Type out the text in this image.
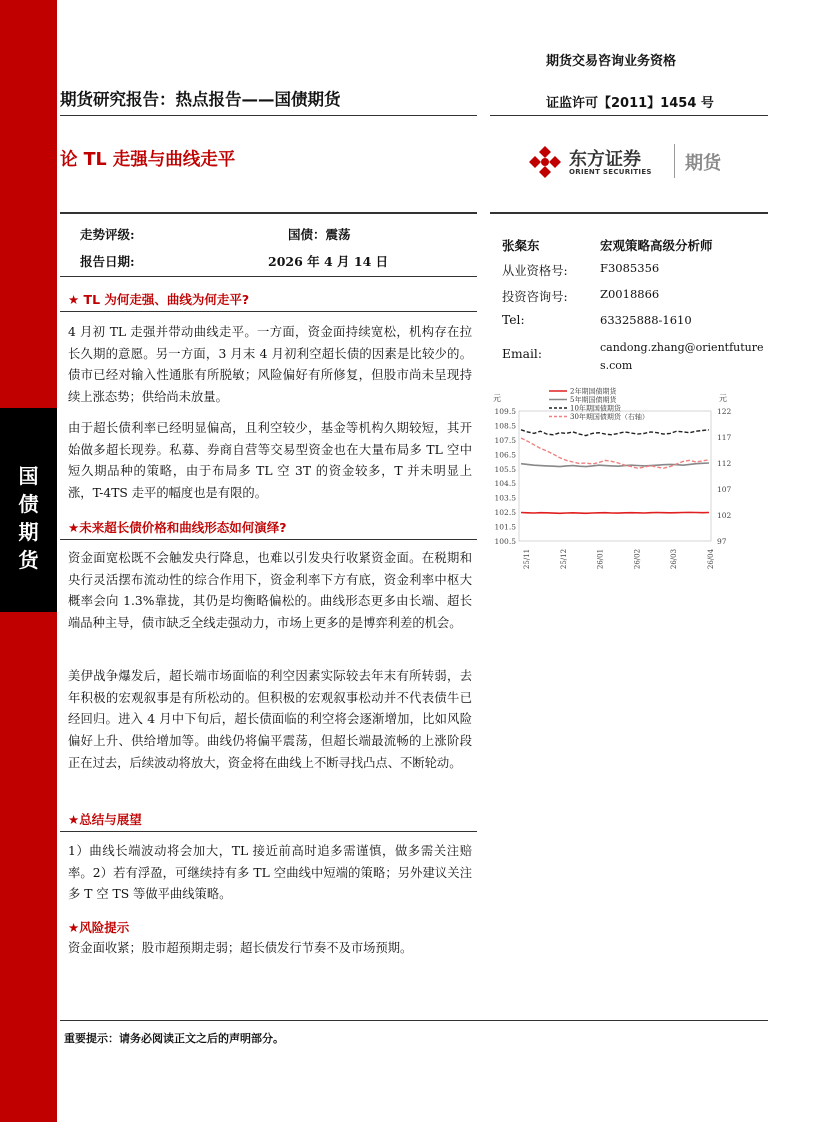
国债期货
期货交易咨询业务资格
期货研究报告：热点报告——国债期货	证监许可【2011】1454 号
论 TL 走强与曲线走平	东方证券
ORIENT SECURITIES 期货
走势评级:	国债：震荡
报告日期:	2026 年 4 月 14 日
张粲东	宏观策略高级分析师
从业资格号:	F3085356
投资咨询号:	Z0018866
Tel:	63325888-1610
Email:	candong.zhang@orientfutures.com
元	元
109.5
108.5
107.5
106.5
105.5
104.5
103.5
102.5
101.5
100.5
122
117
112
107
102
97
25/11	25/12	26/01	26/02	26/03	26/04
2年期国债期货
5年期国债期货
10年期国债期货
30年期国债期货（右轴）
★ TL 为何走强、曲线为何走平?
4 月初 TL 走强并带动曲线走平。一方面，资金面持续宽松，机构存在拉长久期的意愿。另一方面，3 月末 4 月初利空超长债的因素是比较少的。债市已经对输入性通胀有所脱敏；风险偏好有所修复，但股市尚未呈现持续上涨态势；供给尚未放量。
由于超长债利率已经明显偏高，且利空较少，基金等机构久期较短，其开始做多超长现券。私募、券商自营等交易型资金也在大量布局多 TL 空中短久期品种的策略，由于布局多 TL 空 3T 的资金较多，T 并未明显上涨，T-4TS 走平的幅度也是有限的。
★未来超长债价格和曲线形态如何演绎?
资金面宽松既不会触发央行降息，也难以引发央行收紧资金面。在税期和央行灵活摆布流动性的综合作用下，资金利率下方有底，资金利率中枢大概率会向 1.3%靠拢，其仍是均衡略偏松的。曲线形态更多由长端、超长端品种主导，债市缺乏全线走强动力，市场上更多的是博弈利差的机会。
美伊战争爆发后，超长端市场面临的利空因素实际较去年末有所转弱，去年积极的宏观叙事是有所松动的。但积极的宏观叙事松动并不代表债牛已经回归。进入 4 月中下旬后，超长债面临的利空将会逐渐增加，比如风险偏好上升、供给增加等。曲线仍将偏平震荡，但超长端最流畅的上涨阶段正在过去，后续波动将放大，资金将在曲线上不断寻找凸点、不断轮动。
★总结与展望
1）曲线长端波动将会加大，TL 接近前高时追多需谨慎，做多需关注赔率。2）若有浮盈，可继续持有多 TL 空曲线中短端的策略；另外建议关注多 T 空 TS 等做平曲线策略。
★风险提示
资金面收紧；股市超预期走弱；超长债发行节奏不及市场预期。
重要提示：请务必阅读正文之后的声明部分。
